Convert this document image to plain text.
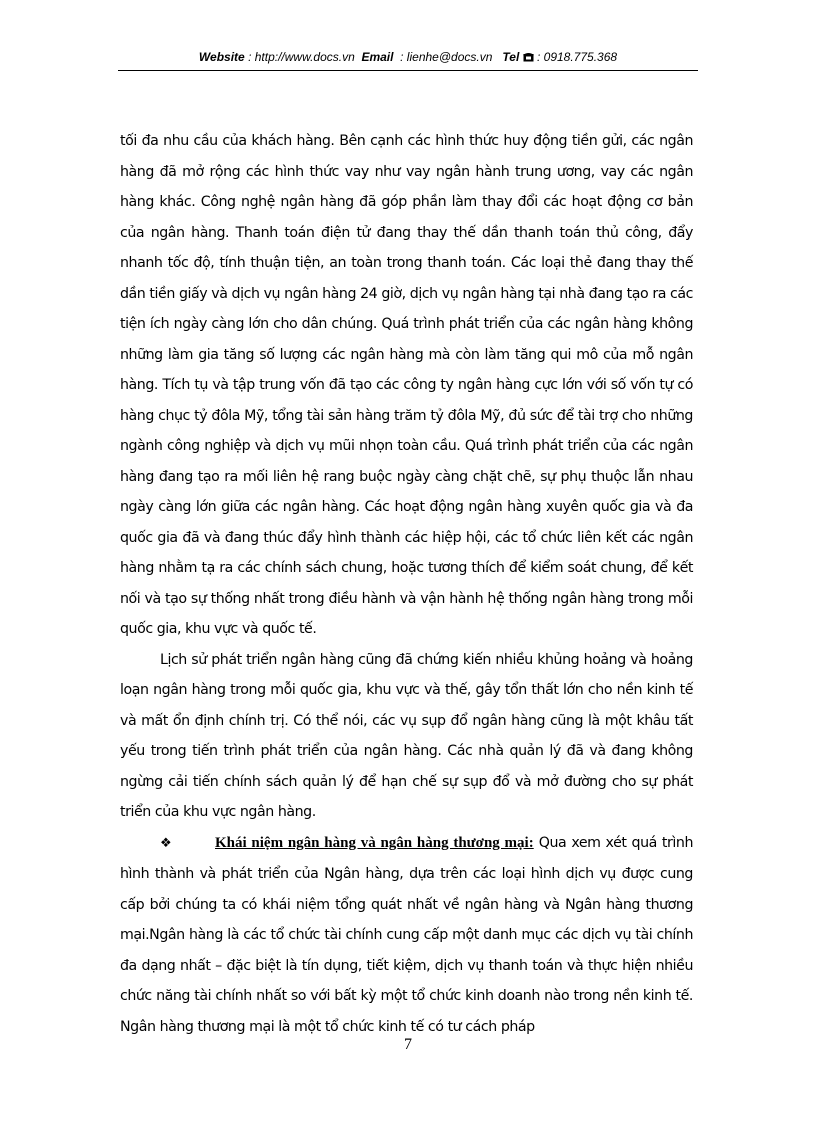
Website : http://www.docs.vn Email : lienhe@docs.vn Tel : 0918.775.368

tối đa nhu cầu của khách hàng. Bên cạnh các hình thức huy động tiền gửi, các ngân hàng đã mở rộng các hình thức vay như vay ngân hành trung ương, vay các ngân hàng khác. Công nghệ ngân hàng đã góp phần làm thay đổi các hoạt động cơ bản của ngân hàng. Thanh toán điện tử đang thay thế dần thanh toán thủ công, đẩy nhanh tốc độ, tính thuận tiện, an toàn trong thanh toán. Các loại thẻ đang thay thế dần tiền giấy và dịch vụ ngân hàng 24 giờ, dịch vụ ngân hàng tại nhà đang tạo ra các tiện ích ngày càng lớn cho dân chúng. Quá trình phát triển của các ngân hàng không những làm gia tăng số lượng các ngân hàng mà còn làm tăng qui mô của mỗ ngân hàng. Tích tụ và tập trung vốn đã tạo các công ty ngân hàng cực lớn với số vốn tự có hàng chục tỷ đôla Mỹ, tổng tài sản hàng trăm tỷ đôla Mỹ, đủ sức để tài trợ cho những ngành công nghiệp và dịch vụ mũi nhọn toàn cầu. Quá trình phát triển của các ngân hàng đang tạo ra mối liên hệ rang buộc ngày càng chặt chẽ, sự phụ thuộc lẫn nhau ngày càng lớn giữa các ngân hàng. Các hoạt động ngân hàng xuyên quốc gia và đa quốc gia đã và đang thúc đẩy hình thành các hiệp hội, các tổ chức liên kết các ngân hàng nhằm tạ ra các chính sách chung, hoặc tương thích để kiểm soát chung, để kết nối và tạo sự thống nhất trong điều hành và vận hành hệ thống ngân hàng trong mỗi quốc gia, khu vực và quốc tế.

Lịch sử phát triển ngân hàng cũng đã chứng kiến nhiều khủng hoảng và hoảng loạn ngân hàng trong mỗi quốc gia, khu vực và thế, gây tổn thất lớn cho nền kinh tế và mất ổn định chính trị. Có thể nói, các vụ sụp đổ ngân hàng cũng là một khâu tất yếu trong tiến trình phát triển của ngân hàng. Các nhà quản lý đã và đang không ngừng cải tiến chính sách quản lý để hạn chế sự sụp đổ và mở đường cho sự phát triển của khu vực ngân hàng.

❖	Khái niệm ngân hàng và ngân hàng thương mại: Qua xem xét quá trình hình thành và phát triển của Ngân hàng, dựa trên các loại hình dịch vụ được cung cấp bởi chúng ta có khái niệm tổng quát nhất về ngân hàng và Ngân hàng thương mại.Ngân hàng là các tổ chức tài chính cung cấp một danh mục các dịch vụ tài chính đa dạng nhất – đặc biệt là tín dụng, tiết kiệm, dịch vụ thanh toán và thực hiện nhiều chức năng tài chính nhất so với bất kỳ một tổ chức kinh doanh nào trong nền kinh tế. Ngân hàng thương mại là một tổ chức kinh tế có tư cách pháp

7
